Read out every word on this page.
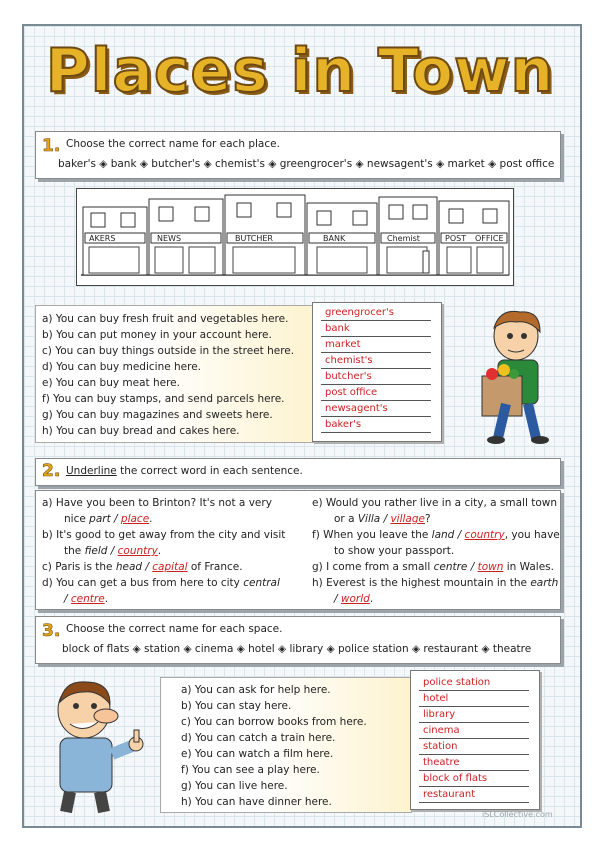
Places in Town
1. Choose the correct name for each place.
baker's ◈ bank ◈ butcher's ◈ chemist's ◈ greengrocer's ◈ newsagent's ◈ market ◈ post office
AKERS	NEWS	BUTCHER	BANK	Chemist	POST OFFICE
a) You can buy fresh fruit and vegetables here.
b) You can put money in your account here.
c) You can buy things outside in the street here.
d) You can buy medicine here.
e) You can buy meat here.
f) You can buy stamps, and send parcels here.
g) You can buy magazines and sweets here.
h) You can buy bread and cakes here.
greengrocer's
bank
market
chemist's
butcher's
post office
newsagent's
baker's
2. Underline the correct word in each sentence.
a) Have you been to Brinton? It's not a very
nice part / place.
b) It's good to get away from the city and visit
the field / country.
c) Paris is the head / capital of France.
d) You can get a bus from here to city central
/ centre.
e) Would you rather live in a city, a small town
or a Villa / village?
f) When you leave the land / country, you have
to show your passport.
g) I come from a small centre / town in Wales.
h) Everest is the highest mountain in the earth
/ world.
3. Choose the correct name for each space.
block of flats ◈ station ◈ cinema ◈ hotel ◈ library ◈ police station ◈ restaurant ◈ theatre
a) You can ask for help here.
b) You can stay here.
c) You can borrow books from here.
d) You can catch a train here.
e) You can watch a film here.
f) You can see a play here.
g) You can live here.
h) You can have dinner here.
police station
hotel
library
cinema
station
theatre
block of flats
restaurant
iSLCollective.com
